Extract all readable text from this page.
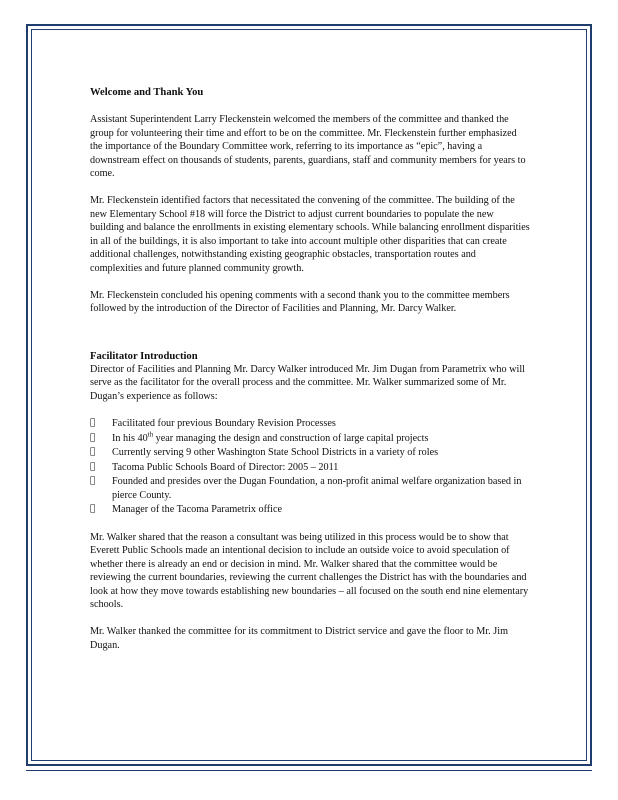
Welcome and Thank You

Assistant Superintendent Larry Fleckenstein welcomed the members of the committee and thanked the group for volunteering their time and effort to be on the committee. Mr. Fleckenstein further emphasized the importance of the Boundary Committee work, referring to its importance as “epic”, having a downstream effect on thousands of students, parents, guardians, staff and community members for years to come.

Mr. Fleckenstein identified factors that necessitated the convening of the committee. The building of the new Elementary School #18 will force the District to adjust current boundaries to populate the new building and balance the enrollments in existing elementary schools. While balancing enrollment disparities in all of the buildings, it is also important to take into account multiple other disparities that can create additional challenges, notwithstanding existing geographic obstacles, transportation routes and complexities and future planned community growth.

Mr. Fleckenstein concluded his opening comments with a second thank you to the committee members followed by the introduction of the Director of Facilities and Planning, Mr. Darcy Walker.

Facilitator Introduction

Director of Facilities and Planning Mr. Darcy Walker introduced Mr. Jim Dugan from Parametrix who will serve as the facilitator for the overall process and the committee. Mr. Walker summarized some of Mr. Dugan’s experience as follows:

Facilitated four previous Boundary Revision Processes
In his 40th year managing the design and construction of large capital projects
Currently serving 9 other Washington State School Districts in a variety of roles
Tacoma Public Schools Board of Director: 2005 – 2011
Founded and presides over the Dugan Foundation, a non-profit animal welfare organization based in pierce County.
Manager of the Tacoma Parametrix office

Mr. Walker shared that the reason a consultant was being utilized in this process would be to show that Everett Public Schools made an intentional decision to include an outside voice to avoid speculation of whether there is already an end or decision in mind. Mr. Walker shared that the committee would be reviewing the current boundaries, reviewing the current challenges the District has with the boundaries and look at how they move towards establishing new boundaries – all focused on the south end nine elementary schools.

Mr. Walker thanked the committee for its commitment to District service and gave the floor to Mr. Jim Dugan.
